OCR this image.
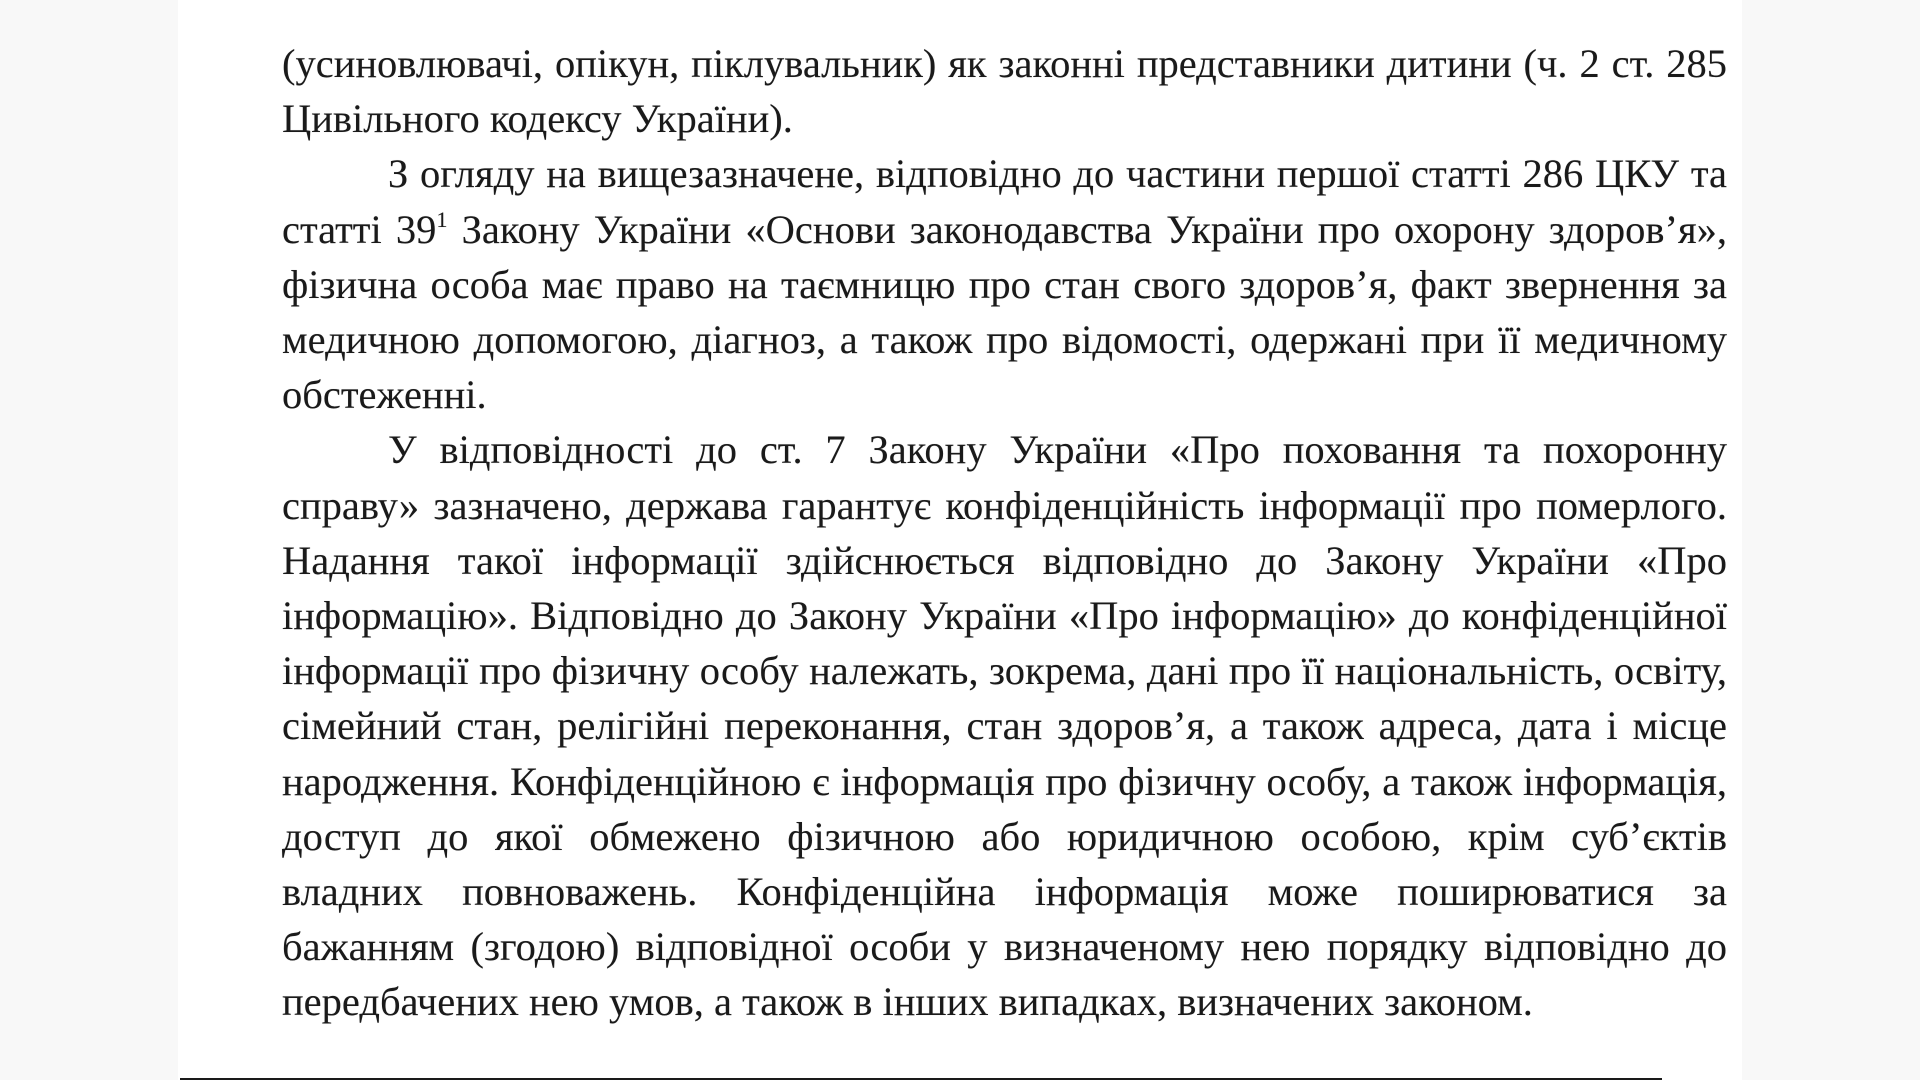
(усиновлювачі, опікун, піклувальник) як законні представники дитини (ч. 2 ст. 285 Цивільного кодексу України).

З огляду на вищезазначене, відповідно до частини першої статті 286 ЦКУ та статті $39^1$ Закону України «Основи законодавства України про охорону здоров’я», фізична особа має право на таємницю про стан свого здоров’я, факт звернення за медичною допомогою, діагноз, а також про відомості, одержані при її медичному обстеженні.

У відповідності до ст. 7 Закону України «Про поховання та похоронну справу» зазначено, держава гарантує конфіденційність інформації про померлого. Надання такої інформації здійснюється відповідно до Закону України «Про інформацію». Відповідно до Закону України «Про інформацію» до конфіденційної інформації про фізичну особу належать, зокрема, дані про її національність, освіту, сімейний стан, релігійні переконання, стан здоров’я, а також адреса, дата і місце народження. Конфіденційною є інформація про фізичну особу, а також інформація, доступ до якої обмежено фізичною або юридичною особою, крім суб’єктів владних повноважень. Конфіденційна інформація може поширюватися за бажанням (згодою) відповідної особи у визначеному нею порядку відповідно до передбачених нею умов, а також в інших випадках, визначених законом.
